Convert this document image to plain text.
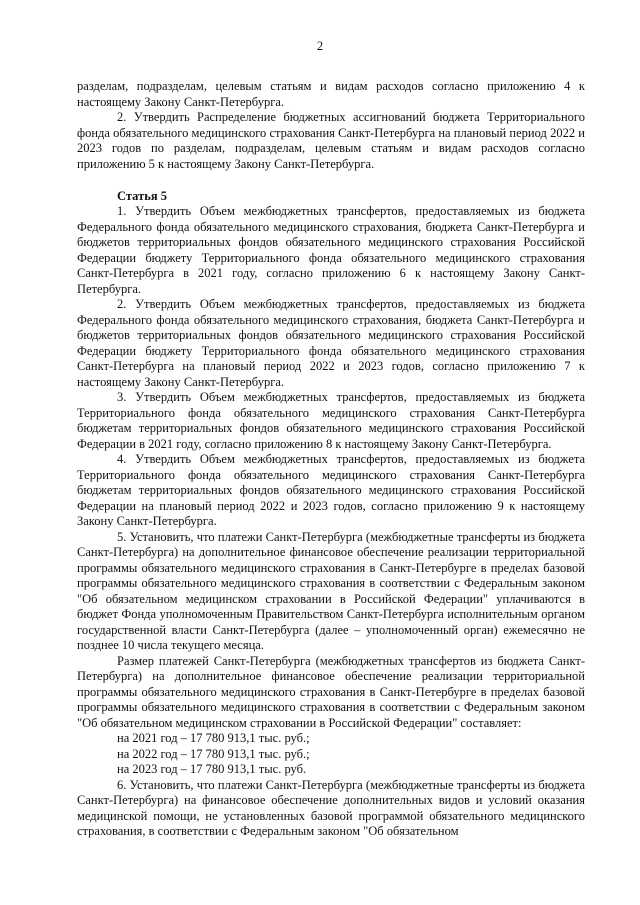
2

разделам, подразделам, целевым статьям и видам расходов согласно приложению 4 к настоящему Закону Санкт-Петербурга.

2. Утвердить Распределение бюджетных ассигнований бюджета Территориального фонда обязательного медицинского страхования Санкт-Петербурга на плановый период 2022 и 2023 годов по разделам, подразделам, целевым статьям и видам расходов согласно приложению 5 к настоящему Закону Санкт-Петербурга.

Статья 5

1. Утвердить Объем межбюджетных трансфертов, предоставляемых из бюджета Федерального фонда обязательного медицинского страхования, бюджета Санкт-Петербурга и бюджетов территориальных фондов обязательного медицинского страхования Российской Федерации бюджету Территориального фонда обязательного медицинского страхования Санкт-Петербурга в 2021 году, согласно приложению 6 к настоящему Закону Санкт-Петербурга.

2. Утвердить Объем межбюджетных трансфертов, предоставляемых из бюджета Федерального фонда обязательного медицинского страхования, бюджета Санкт-Петербурга и бюджетов территориальных фондов обязательного медицинского страхования Российской Федерации бюджету Территориального фонда обязательного медицинского страхования Санкт-Петербурга на плановый период 2022 и 2023 годов, согласно приложению 7 к настоящему Закону Санкт-Петербурга.

3. Утвердить Объем межбюджетных трансфертов, предоставляемых из бюджета Территориального фонда обязательного медицинского страхования Санкт-Петербурга бюджетам территориальных фондов обязательного медицинского страхования Российской Федерации в 2021 году, согласно приложению 8 к настоящему Закону Санкт-Петербурга.

4. Утвердить Объем межбюджетных трансфертов, предоставляемых из бюджета Территориального фонда обязательного медицинского страхования Санкт-Петербурга бюджетам территориальных фондов обязательного медицинского страхования Российской Федерации на плановый период 2022 и 2023 годов, согласно приложению 9 к настоящему Закону Санкт-Петербурга.

5. Установить, что платежи Санкт-Петербурга (межбюджетные трансферты из бюджета Санкт-Петербурга) на дополнительное финансовое обеспечение реализации территориальной программы обязательного медицинского страхования в Санкт-Петербурге в пределах базовой программы обязательного медицинского страхования в соответствии с Федеральным законом "Об обязательном медицинском страховании в Российской Федерации" уплачиваются в бюджет Фонда уполномоченным Правительством Санкт-Петербурга исполнительным органом государственной власти Санкт-Петербурга (далее – уполномоченный орган) ежемесячно не позднее 10 числа текущего месяца.

Размер платежей Санкт-Петербурга (межбюджетных трансфертов из бюджета Санкт-Петербурга) на дополнительное финансовое обеспечение реализации территориальной программы обязательного медицинского страхования в Санкт-Петербурге в пределах базовой программы обязательного медицинского страхования в соответствии с Федеральным законом "Об обязательном медицинском страховании в Российской Федерации" составляет:

на 2021 год – 17 780 913,1 тыс. руб.;

на 2022 год – 17 780 913,1 тыс. руб.;

на 2023 год – 17 780 913,1 тыс. руб.

6. Установить, что платежи Санкт-Петербурга (межбюджетные трансферты из бюджета Санкт-Петербурга) на финансовое обеспечение дополнительных видов и условий оказания медицинской помощи, не установленных базовой программой обязательного медицинского страхования, в соответствии с Федеральным законом "Об обязательном
